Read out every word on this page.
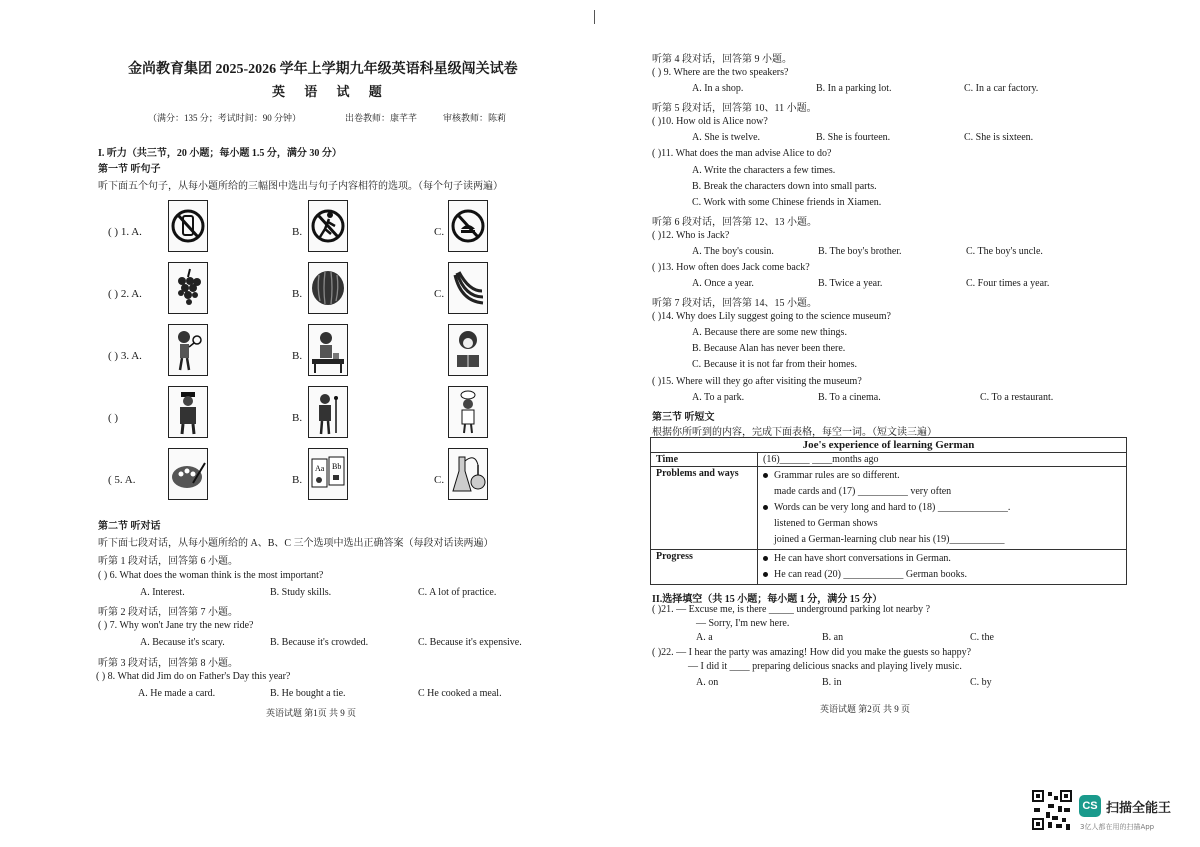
金尚教育集团 2025-2026 学年上学期九年级英语科星级闯关试卷
英 语 试 题
（满分：135 分；考试时间：90 分钟）	出卷教师：康芊芊	审核教师：陈莉
I. 听力（共三节，20 小题；每小题 1.5 分，满分 30 分）
第一节 听句子
听下面五个句子，从每小题所给的三幅图中选出与句子内容相符的选项。（每个句子读两遍）
( ) 1. A.	B.	C.
( ) 2. A.	B.	C.
( ) 3. A.	B.
( )	B.
( 5. A.	B.
Aa Bb
C.
第二节 听对话
听下面七段对话，从每小题所给的 A、B、C 三个选项中选出正确答案（每段对话读两遍）
听第 1 段对话，回答第 6 小题。
( ) 6. What does the woman think is the most important?
A. Interest.	B. Study skills.	C. A lot of practice.
听第 2 段对话，回答第 7 小题。
( ) 7. Why won't Jane try the new ride?
A. Because it's scary.	B. Because it's crowded.	C. Because it's expensive.
听第 3 段对话，回答第 8 小题。
( ) 8. What did Jim do on Father's Day this year?
A. He made a card.	B. He bought a tie.	C He cooked a meal.
英语试题 第1页 共 9 页
听第 4 段对话，回答第 9 小题。
( ) 9. Where are the two speakers?
A. In a shop.	B. In a parking lot.	C. In a car factory.
听第 5 段对话，回答第 10、11 小题。
( )10. How old is Alice now?
A. She is twelve.	B. She is fourteen.	C. She is sixteen.
( )11. What does the man advise Alice to do?
A. Write the characters a few times.
B. Break the characters down into small parts.
C. Work with some Chinese friends in Xiamen.
听第 6 段对话，回答第 12、13 小题。
( )12. Who is Jack?
A. The boy's cousin.	B. The boy's brother.	C. The boy's uncle.
( )13. How often does Jack come back?
A. Once a year.	B. Twice a year.	C. Four times a year.
听第 7 段对话，回答第 14、15 小题。
( )14. Why does Lily suggest going to the science museum?
A. Because there are some new things.
B. Because Alan has never been there.
C. Because it is not far from their homes.
( )15. Where will they go after visiting the museum?
A. To a park.	B. To a cinema.	C. To a restaurant.
第三节 听短文
根据你所听到的内容，完成下面表格，每空一词。（短文读三遍）
II.选择填空（共 15 小题；每小题 1 分，满分 15 分）
( )21. — Excuse me, is there _____ underground parking lot nearby ?
— Sorry, I'm new here.
A. a	B. an	C. the
( )22. — I hear the party was amazing! How did you make the guests so happy?
— I did it ____ preparing delicious snacks and playing lively music.
A. on	B. in	C. by
英语试题 第2页 共 9 页
Joe's experience of learning German	
Time	(16)______ ____months ago
Problems and ways	Grammar rules are so different.
made cards and (17) __________ very often
Words can be very long and hard to (18) ______________.
listened to German shows
joined a German-learning club near his (19)___________

Progress	He can have short conversations in German.
He can read (20) ____________ German books.
CS 扫描全能王
3亿人都在用的扫描App
